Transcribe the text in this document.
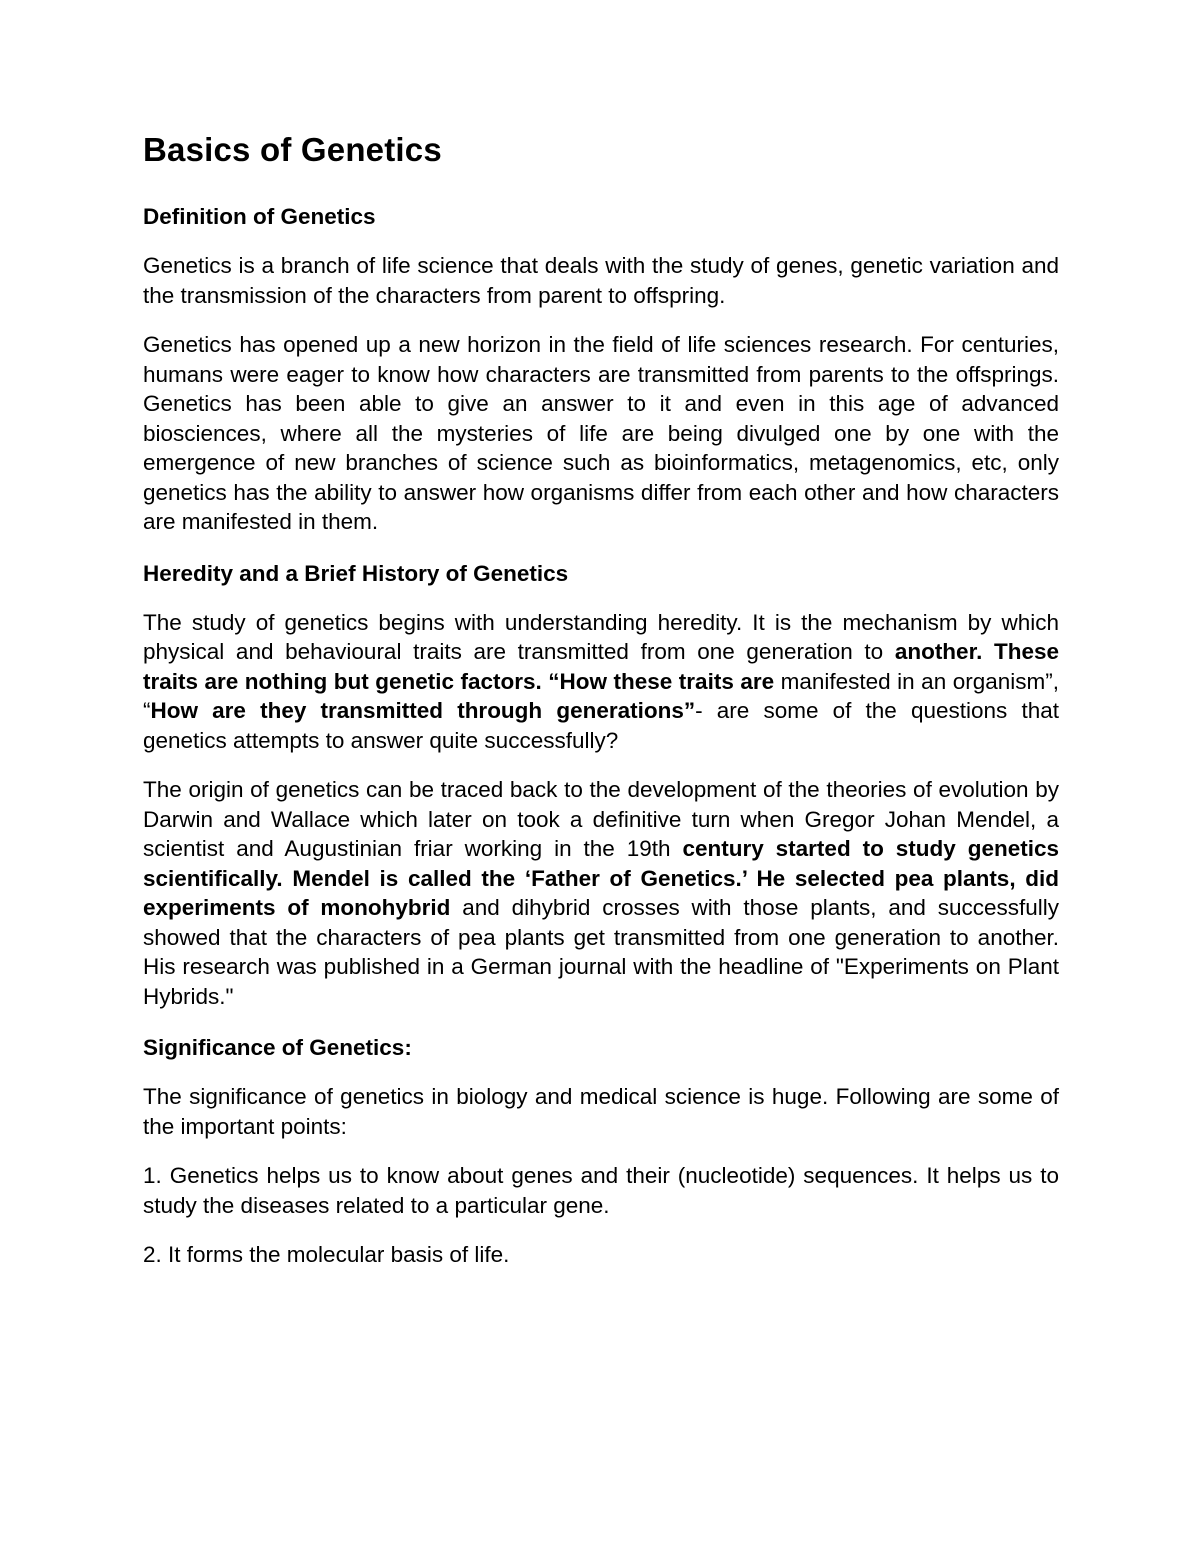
Basics of Genetics
Definition of Genetics

Genetics is a branch of life science that deals with the study of genes, genetic variation and the transmission of the characters from parent to offspring.

Genetics has opened up a new horizon in the field of life sciences research. For centuries, humans were eager to know how characters are transmitted from parents to the offsprings. Genetics has been able to give an answer to it and even in this age of advanced biosciences, where all the mysteries of life are being divulged one by one with the emergence of new branches of science such as bioinformatics, metagenomics, etc, only genetics has the ability to answer how organisms differ from each other and how characters are manifested in them.

Heredity and a Brief History of Genetics

The study of genetics begins with understanding heredity. It is the mechanism by which physical and behavioural traits are transmitted from one generation to another. These traits are nothing but genetic factors. “How these traits are manifested in an organism”, “How are they transmitted through generations”- are some of the questions that genetics attempts to answer quite successfully?

The origin of genetics can be traced back to the development of the theories of evolution by Darwin and Wallace which later on took a definitive turn when Gregor Johan Mendel, a scientist and Augustinian friar working in the 19th century started to study genetics scientifically. Mendel is called the ‘Father of Genetics.’ He selected pea plants, did experiments of monohybrid and dihybrid crosses with those plants, and successfully showed that the characters of pea plants get transmitted from one generation to another. His research was published in a German journal with the headline of "Experiments on Plant Hybrids."

Significance of Genetics:

The significance of genetics in biology and medical science is huge. Following are some of the important points:

1. Genetics helps us to know about genes and their (nucleotide) sequences. It helps us to study the diseases related to a particular gene.

2. It forms the molecular basis of life.
